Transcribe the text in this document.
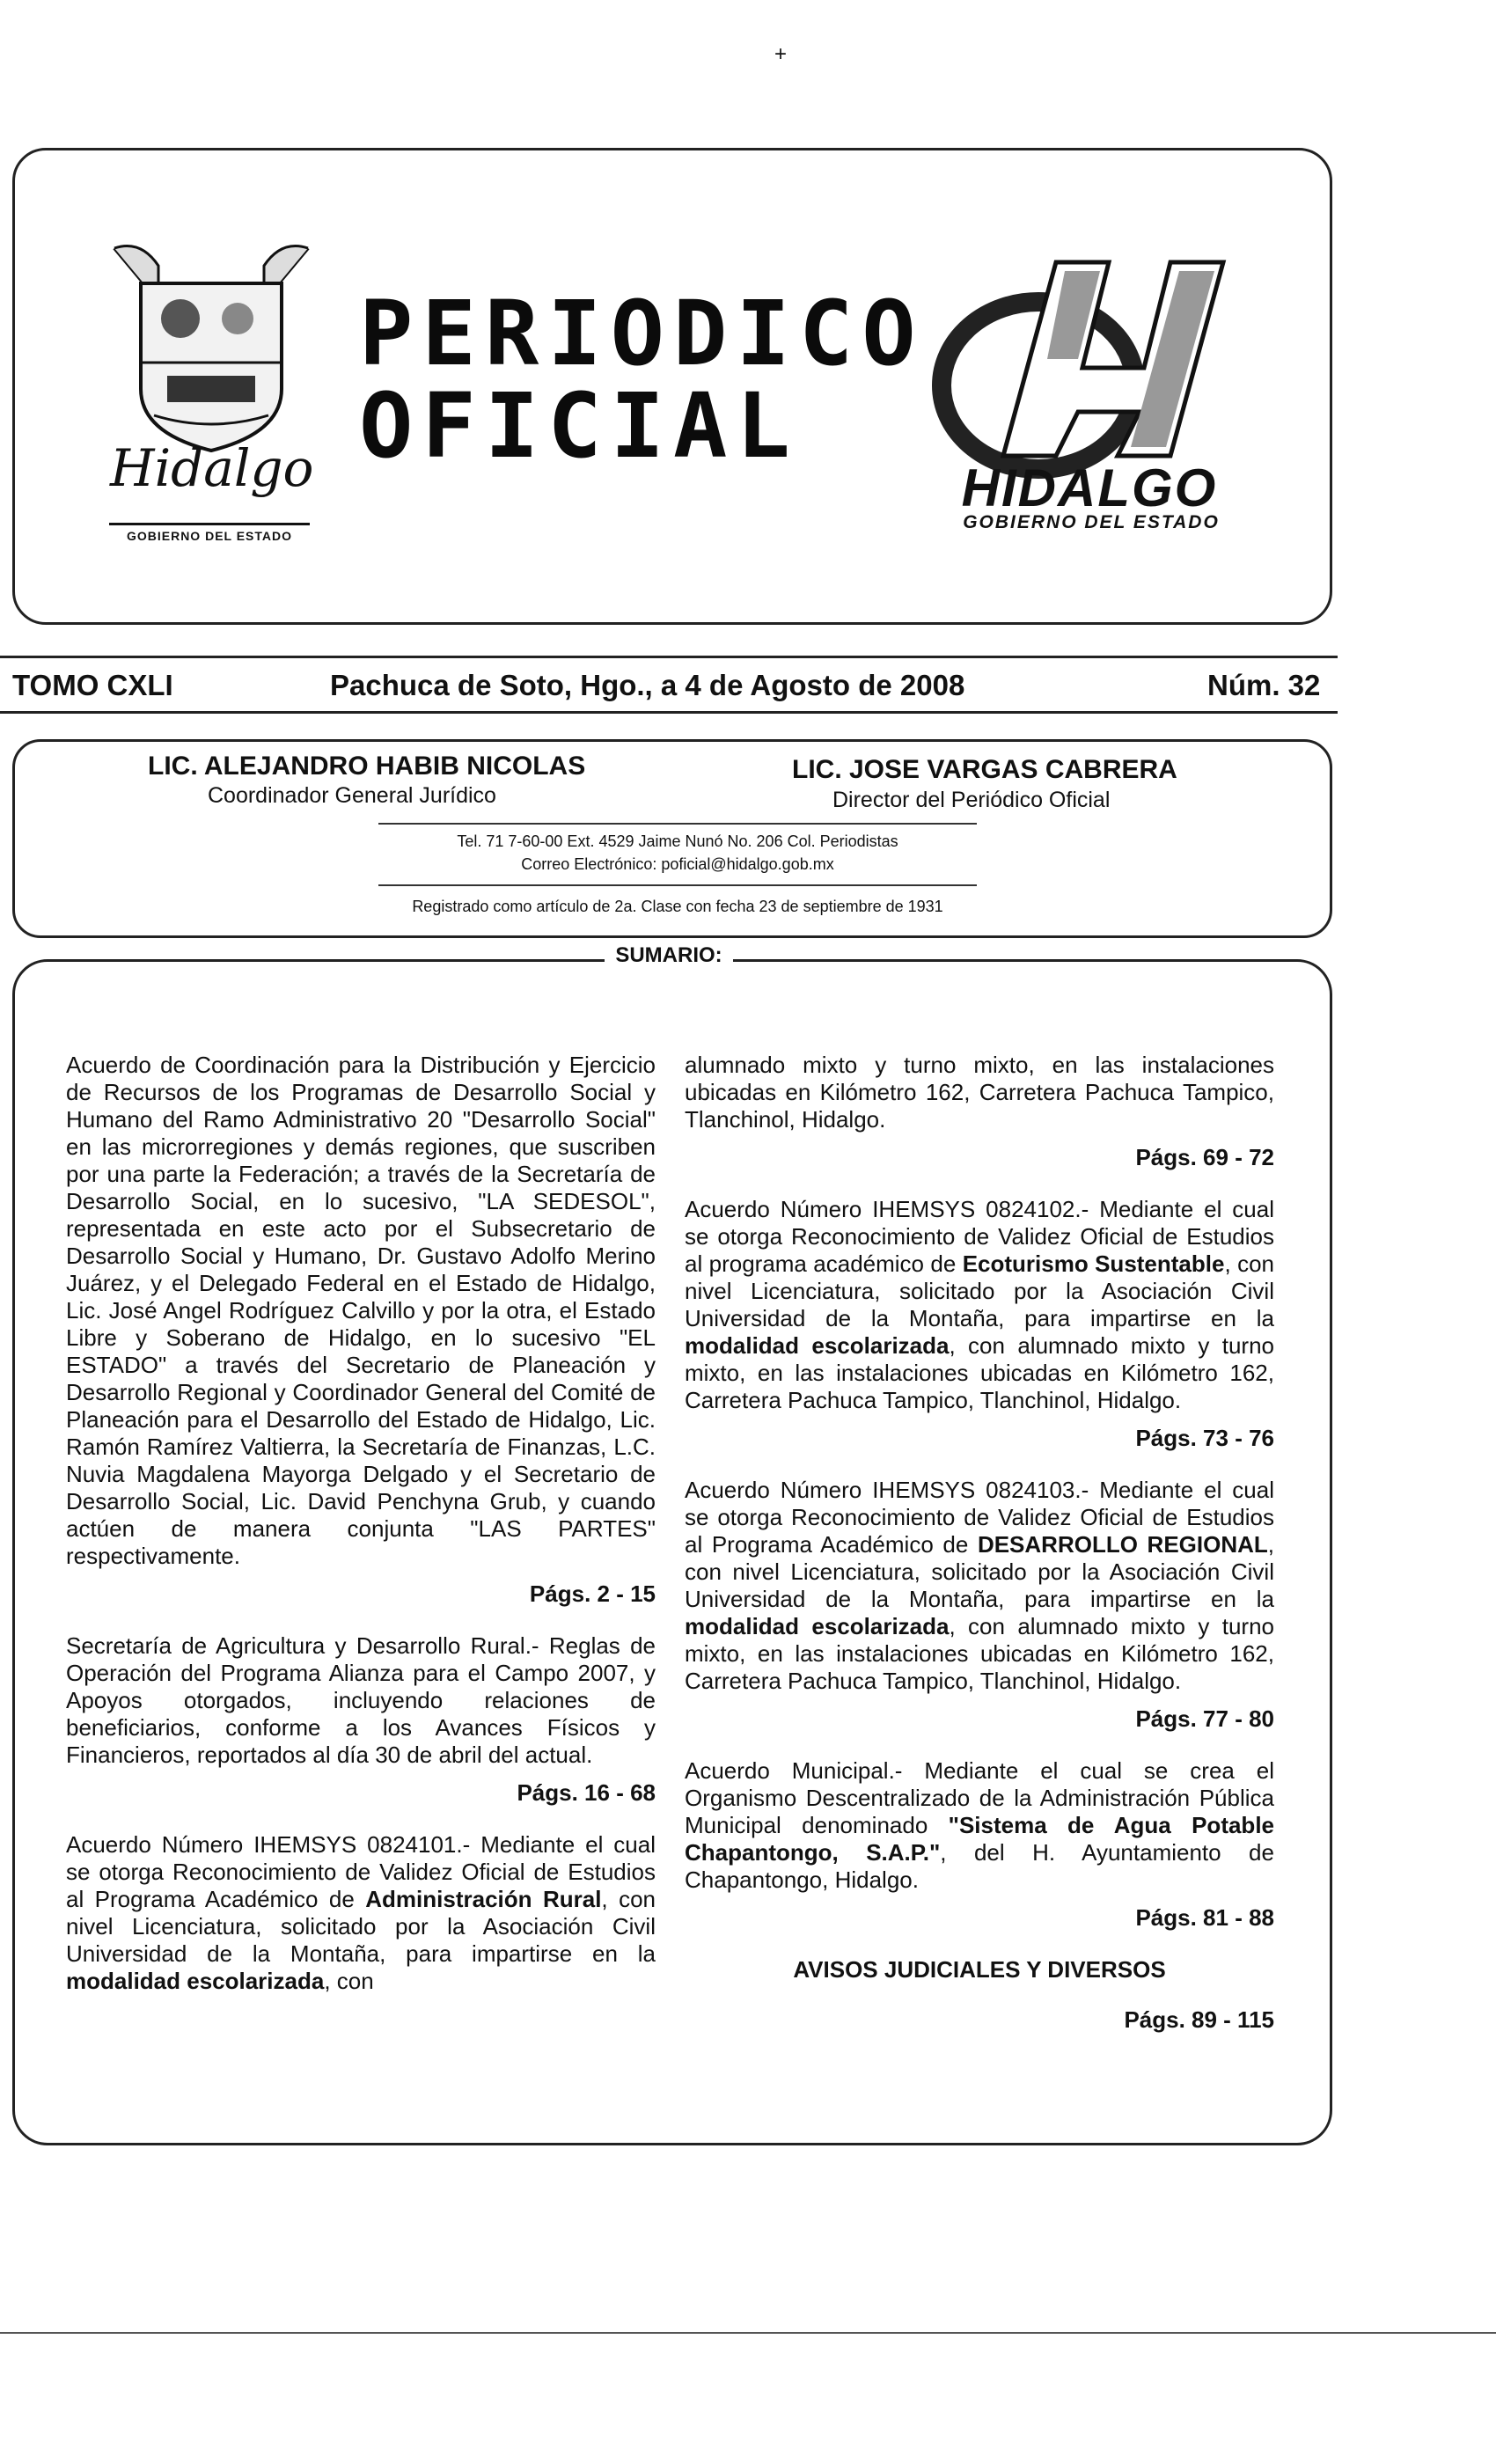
+
Hidalgo
GOBIERNO DEL ESTADO
PERIODICO
OFICIAL
HIDALGO
GOBIERNO DEL ESTADO
TOMO CXLI	Pachuca de Soto, Hgo., a 4 de Agosto de 2008	Núm. 32
LIC. ALEJANDRO HABIB NICOLAS
Coordinador General Jurídico
LIC. JOSE VARGAS CABRERA
Director del Periódico Oficial
Tel. 71 7-60-00 Ext. 4529 Jaime Nunó No. 206 Col. Periodistas
Correo Electrónico: poficial@hidalgo.gob.mx
Registrado como artículo de 2a. Clase con fecha 23 de septiembre de 1931
SUMARIO:
Acuerdo de Coordinación para la Distribución y Ejercicio de Recursos de los Programas de Desarrollo Social y Humano del Ramo Administrativo 20 "Desarrollo Social" en las microrregiones y demás regiones, que suscriben por una parte la Federación; a través de la Secretaría de Desarrollo Social, en lo sucesivo, "LA SEDESOL", representada en este acto por el Subsecretario de Desarrollo Social y Humano, Dr. Gustavo Adolfo Merino Juárez, y el Delegado Federal en el Estado de Hidalgo, Lic. José Angel Rodríguez Calvillo y por la otra, el Estado Libre y Soberano de Hidalgo, en lo sucesivo "EL ESTADO" a través del Secretario de Planeación y Desarrollo Regional y Coordinador General del Comité de Planeación para el Desarrollo del Estado de Hidalgo, Lic. Ramón Ramírez Valtierra, la Secretaría de Finanzas, L.C. Nuvia Magdalena Mayorga Delgado y el Secretario de Desarrollo Social, Lic. David Penchyna Grub, y cuando actúen de manera conjunta "LAS PARTES" respectivamente.
Págs. 2 - 15
Secretaría de Agricultura y Desarrollo Rural.- Reglas de Operación del Programa Alianza para el Campo 2007, y Apoyos otorgados, incluyendo relaciones de beneficiarios, conforme a los Avances Físicos y Financieros, reportados al día 30 de abril del actual.
Págs. 16 - 68
Acuerdo Número IHEMSYS 0824101.- Mediante el cual se otorga Reconocimiento de Validez Oficial de Estudios al Programa Académico de Administración Rural, con nivel Licenciatura, solicitado por la Asociación Civil Universidad de la Montaña, para impartirse en la modalidad escolarizada, con
alumnado mixto y turno mixto, en las instalaciones ubicadas en Kilómetro 162, Carretera Pachuca Tampico, Tlanchinol, Hidalgo.
Págs. 69 - 72
Acuerdo Número IHEMSYS 0824102.- Mediante el cual se otorga Reconocimiento de Validez Oficial de Estudios al programa académico de Ecoturismo Sustentable, con nivel Licenciatura, solicitado por la Asociación Civil Universidad de la Montaña, para impartirse en la modalidad escolarizada, con alumnado mixto y turno mixto, en las instalaciones ubicadas en Kilómetro 162, Carretera Pachuca Tampico, Tlanchinol, Hidalgo.
Págs. 73 - 76
Acuerdo Número IHEMSYS 0824103.- Mediante el cual se otorga Reconocimiento de Validez Oficial de Estudios al Programa Académico de DESARROLLO REGIONAL, con nivel Licenciatura, solicitado por la Asociación Civil Universidad de la Montaña, para impartirse en la modalidad escolarizada, con alumnado mixto y turno mixto, en las instalaciones ubicadas en Kilómetro 162, Carretera Pachuca Tampico, Tlanchinol, Hidalgo.
Págs. 77 - 80
Acuerdo Municipal.- Mediante el cual se crea el Organismo Descentralizado de la Administración Pública Municipal denominado "Sistema de Agua Potable Chapantongo, S.A.P.", del H. Ayuntamiento de Chapantongo, Hidalgo.
Págs. 81 - 88
AVISOS JUDICIALES Y DIVERSOS
Págs. 89 - 115
